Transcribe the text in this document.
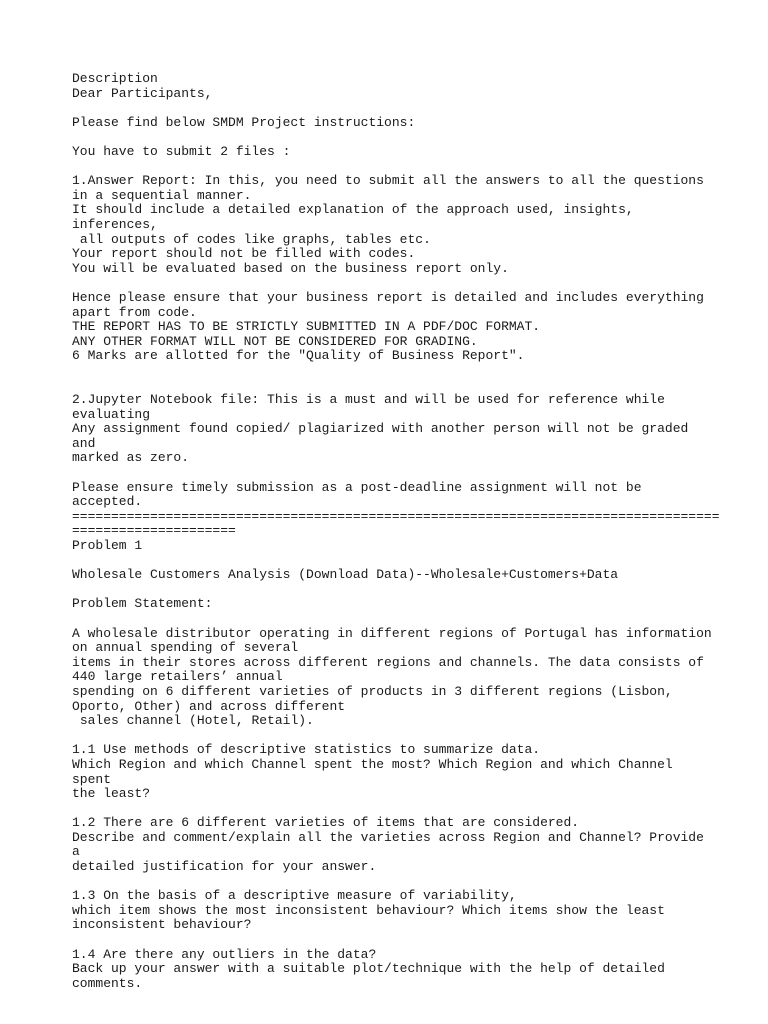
Description
Dear Participants,
Please find below SMDM Project instructions:
You have to submit 2 files :
1.Answer Report: In this, you need to submit all the answers to all the questions
in a sequential manner.
It should include a detailed explanation of the approach used, insights,
inferences,
all outputs of codes like graphs, tables etc.
Your report should not be filled with codes.
You will be evaluated based on the business report only.
Hence please ensure that your business report is detailed and includes everything
apart from code.
THE REPORT HAS TO BE STRICTLY SUBMITTED IN A PDF/DOC FORMAT.
ANY OTHER FORMAT WILL NOT BE CONSIDERED FOR GRADING.
6 Marks are allotted for the "Quality of Business Report".
2.Jupyter Notebook file: This is a must and will be used for reference while
evaluating
Any assignment found copied/ plagiarized with another person will not be graded and
marked as zero.
Please ensure timely submission as a post-deadline assignment will not be accepted.
===================================================================================
=====================
Problem 1
Wholesale Customers Analysis (Download Data)--Wholesale+Customers+Data
Problem Statement:
A wholesale distributor operating in different regions of Portugal has information
on annual spending of several
items in their stores across different regions and channels. The data consists of
440 large retailers’ annual
spending on 6 different varieties of products in 3 different regions (Lisbon,
Oporto, Other) and across different
sales channel (Hotel, Retail).
1.1 Use methods of descriptive statistics to summarize data.
Which Region and which Channel spent the most? Which Region and which Channel spent
the least?
1.2 There are 6 different varieties of items that are considered.
Describe and comment/explain all the varieties across Region and Channel? Provide a
detailed justification for your answer.
1.3 On the basis of a descriptive measure of variability,
which item shows the most inconsistent behaviour? Which items show the least
inconsistent behaviour?
1.4 Are there any outliers in the data?
Back up your answer with a suitable plot/technique with the help of detailed
comments.
